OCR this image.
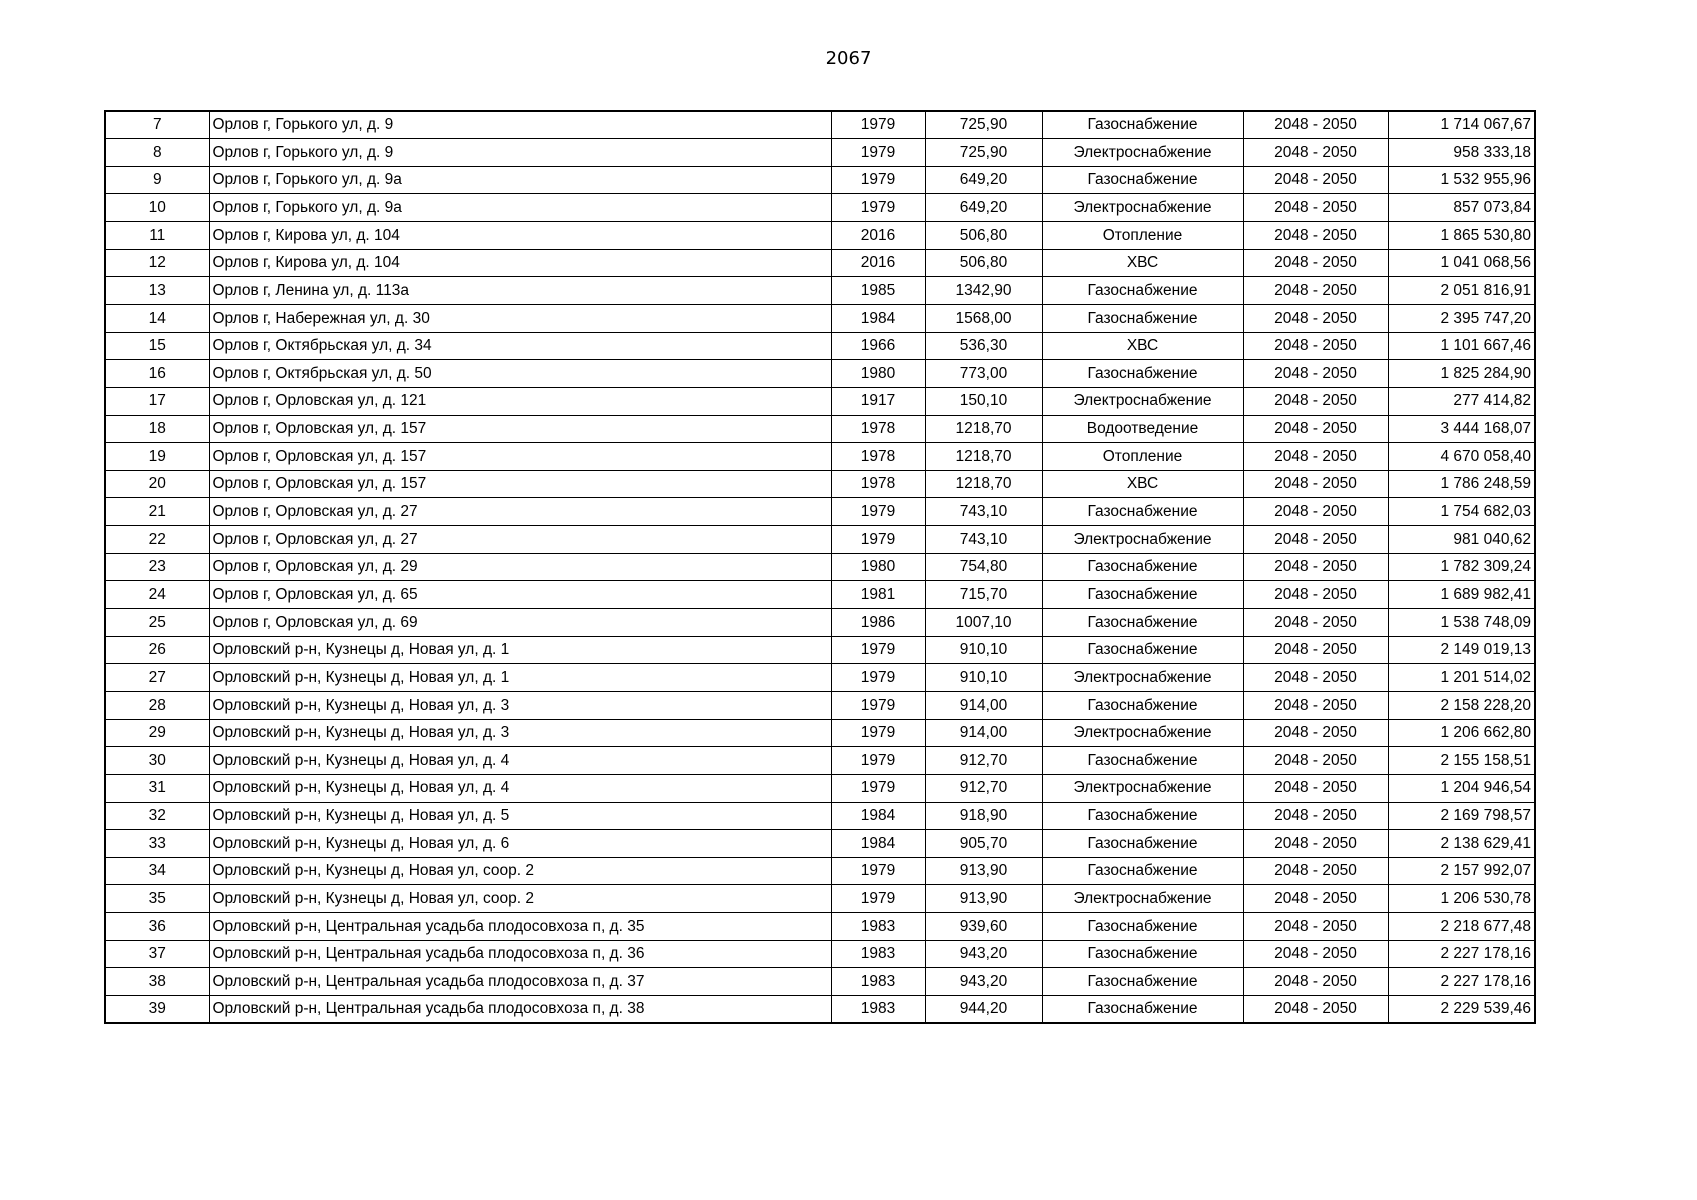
2067
7	Орлов г, Горького ул, д. 9	1979	725,90	Газоснабжение	2048 - 2050	1 714 067,67
8	Орлов г, Горького ул, д. 9	1979	725,90	Электроснабжение	2048 - 2050	958 333,18
9	Орлов г, Горького ул, д. 9а	1979	649,20	Газоснабжение	2048 - 2050	1 532 955,96
10	Орлов г, Горького ул, д. 9а	1979	649,20	Электроснабжение	2048 - 2050	857 073,84
11	Орлов г, Кирова ул, д. 104	2016	506,80	Отопление	2048 - 2050	1 865 530,80
12	Орлов г, Кирова ул, д. 104	2016	506,80	ХВС	2048 - 2050	1 041 068,56
13	Орлов г, Ленина ул, д. 113а	1985	1342,90	Газоснабжение	2048 - 2050	2 051 816,91
14	Орлов г, Набережная ул, д. 30	1984	1568,00	Газоснабжение	2048 - 2050	2 395 747,20
15	Орлов г, Октябрьская ул, д. 34	1966	536,30	ХВС	2048 - 2050	1 101 667,46
16	Орлов г, Октябрьская ул, д. 50	1980	773,00	Газоснабжение	2048 - 2050	1 825 284,90
17	Орлов г, Орловская ул, д. 121	1917	150,10	Электроснабжение	2048 - 2050	277 414,82
18	Орлов г, Орловская ул, д. 157	1978	1218,70	Водоотведение	2048 - 2050	3 444 168,07
19	Орлов г, Орловская ул, д. 157	1978	1218,70	Отопление	2048 - 2050	4 670 058,40
20	Орлов г, Орловская ул, д. 157	1978	1218,70	ХВС	2048 - 2050	1 786 248,59
21	Орлов г, Орловская ул, д. 27	1979	743,10	Газоснабжение	2048 - 2050	1 754 682,03
22	Орлов г, Орловская ул, д. 27	1979	743,10	Электроснабжение	2048 - 2050	981 040,62
23	Орлов г, Орловская ул, д. 29	1980	754,80	Газоснабжение	2048 - 2050	1 782 309,24
24	Орлов г, Орловская ул, д. 65	1981	715,70	Газоснабжение	2048 - 2050	1 689 982,41
25	Орлов г, Орловская ул, д. 69	1986	1007,10	Газоснабжение	2048 - 2050	1 538 748,09
26	Орловский р-н, Кузнецы д, Новая ул, д. 1	1979	910,10	Газоснабжение	2048 - 2050	2 149 019,13
27	Орловский р-н, Кузнецы д, Новая ул, д. 1	1979	910,10	Электроснабжение	2048 - 2050	1 201 514,02
28	Орловский р-н, Кузнецы д, Новая ул, д. 3	1979	914,00	Газоснабжение	2048 - 2050	2 158 228,20
29	Орловский р-н, Кузнецы д, Новая ул, д. 3	1979	914,00	Электроснабжение	2048 - 2050	1 206 662,80
30	Орловский р-н, Кузнецы д, Новая ул, д. 4	1979	912,70	Газоснабжение	2048 - 2050	2 155 158,51
31	Орловский р-н, Кузнецы д, Новая ул, д. 4	1979	912,70	Электроснабжение	2048 - 2050	1 204 946,54
32	Орловский р-н, Кузнецы д, Новая ул, д. 5	1984	918,90	Газоснабжение	2048 - 2050	2 169 798,57
33	Орловский р-н, Кузнецы д, Новая ул, д. 6	1984	905,70	Газоснабжение	2048 - 2050	2 138 629,41
34	Орловский р-н, Кузнецы д, Новая ул, соор. 2	1979	913,90	Газоснабжение	2048 - 2050	2 157 992,07
35	Орловский р-н, Кузнецы д, Новая ул, соор. 2	1979	913,90	Электроснабжение	2048 - 2050	1 206 530,78
36	Орловский р-н, Центральная усадьба плодосовхоза п, д. 35	1983	939,60	Газоснабжение	2048 - 2050	2 218 677,48
37	Орловский р-н, Центральная усадьба плодосовхоза п, д. 36	1983	943,20	Газоснабжение	2048 - 2050	2 227 178,16
38	Орловский р-н, Центральная усадьба плодосовхоза п, д. 37	1983	943,20	Газоснабжение	2048 - 2050	2 227 178,16
39	Орловский р-н, Центральная усадьба плодосовхоза п, д. 38	1983	944,20	Газоснабжение	2048 - 2050	2 229 539,46
